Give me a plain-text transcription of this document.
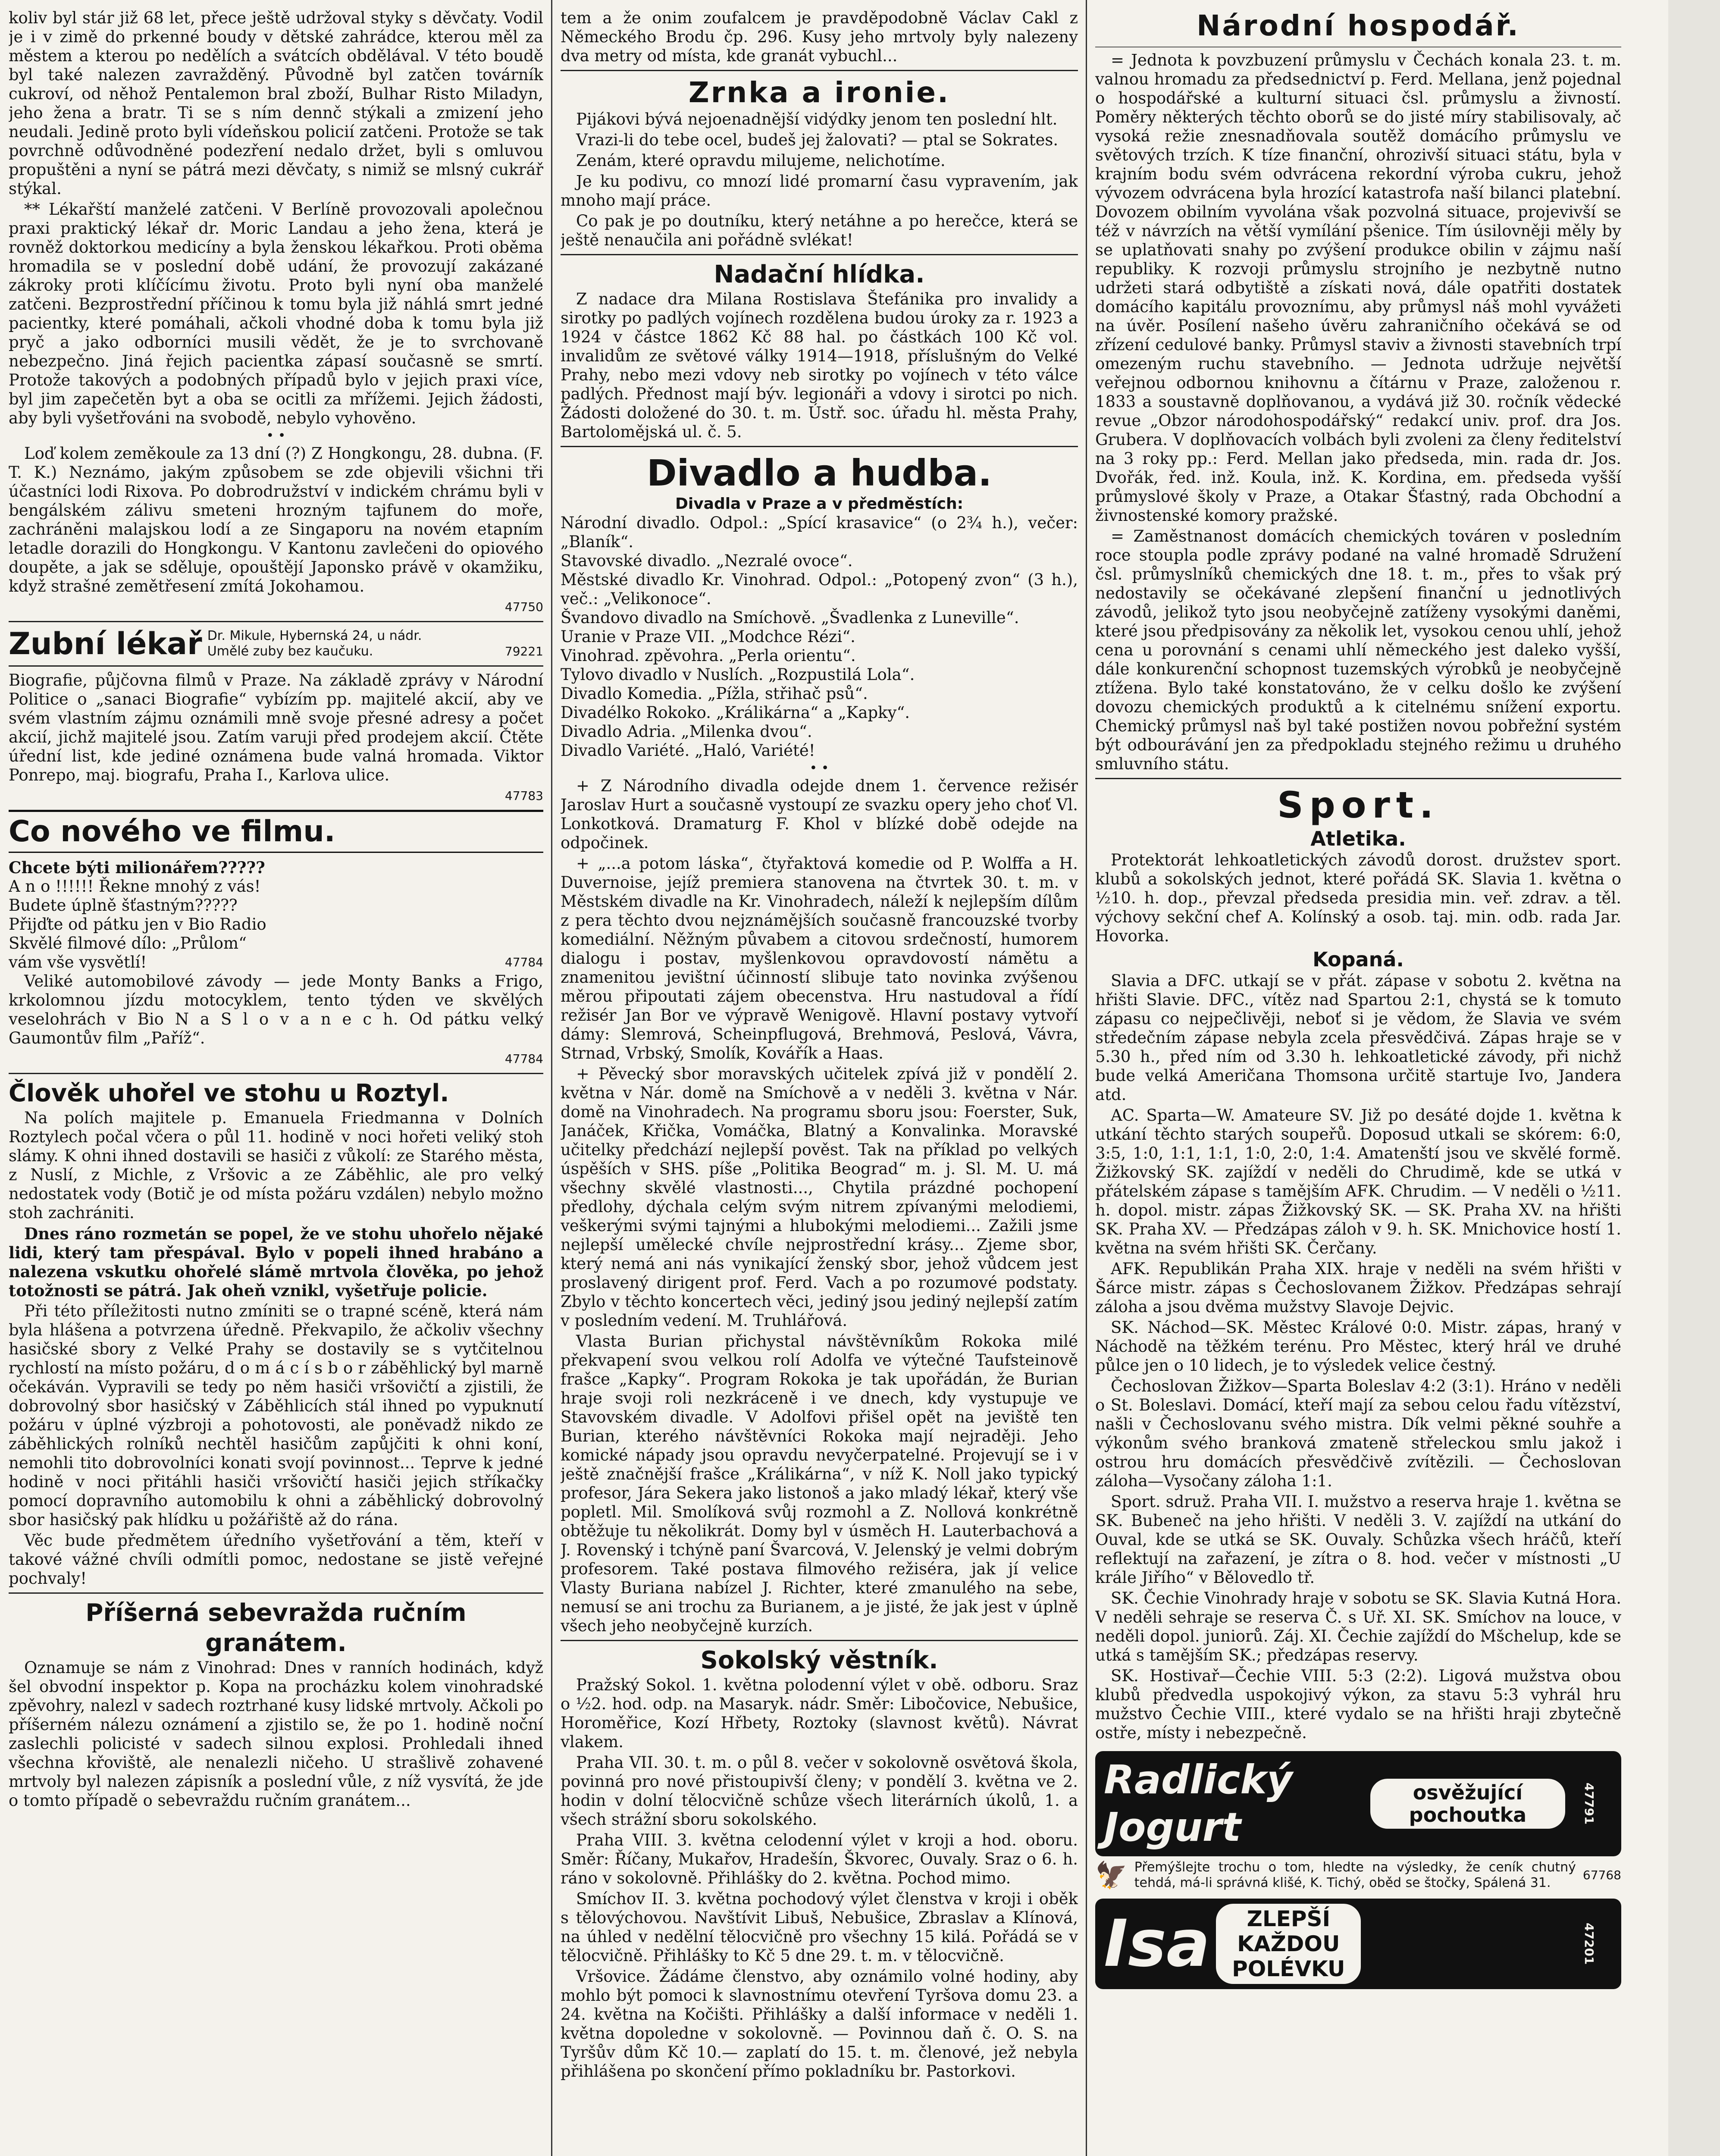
koliv byl stár již 68 let, přece ještě udržoval styky s děvčaty. Vodil je i v zimě do prkenné boudy v dětské zahrádce, kterou měl za městem a kterou po nedělích a svátcích obdělával. V této boudě byl také nalezen zavražděný. Původně byl zatčen továrník cukroví, od něhož Pentalemon bral zboží, Bulhar Risto Miladyn, jeho žena a bratr. Ti se s ním dennč stýkali a zmizení jeho neudali. Jedině proto byli vídeňskou policií zatčeni. Protože se tak povrchně odůvodněné podezření nedalo držet, byli s omluvou propuštěni a nyní se pátrá mezi děvčaty, s nimiž se mlsný cukrář stýkal.

** Lékařští manželé zatčeni. V Berlíně provozovali apolečnou praxi praktický lékař dr. Moric Landau a jeho žena, která je rovněž doktorkou medicíny a byla ženskou lékařkou. Proti oběma hromadila se v poslední době udání, že provozují zakázané zákroky proti klíčícímu životu. Proto byli nyní oba manželé zatčeni. Bezprostřední příčinou k tomu byla již náhlá smrt jedné pacientky, které pomáhali, ačkoli vhodné doba k tomu byla již pryč a jako odborníci musili vědět, že je to svrchovaně nebezpečno. Jiná řejich pacientka zápasí současně se smrtí. Protože takových a podobných případů bylo v jejich praxi více, byl jim zapečetěn byt a oba se ocitli za mřížemi. Jejich žádosti, aby byli vyšetřováni na svobodě, nebylo vyhověno.

• •

Loď kolem zeměkoule za 13 dní (?) Z Hongkongu, 28. dubna. (F. T. K.) Neznámo, jakým způsobem se zde objevili všichni tři účastníci lodi Rixova. Po dobrodružství v indickém chrámu byli v bengálském zálivu smeteni hrozným tajfunem do moře, zachráněni malajskou lodí a ze Singaporu na novém etapním letadle dorazili do Hongkongu. V Kantonu zavlečeni do opiového doupěte, a jak se sděluje, opouštějí Japonsko právě v okamžiku, když strašné zemětřesení zmítá Jokohamou.

47750
Zubní lékař Dr. Mikule, Hybernská 24, u nádr.
Umělé zuby bez kaučuku.	79221

Biografie, půjčovna filmů v Praze. Na základě zprávy v Národní Politice o „sanaci Biografie“ vybízím pp. majitelé akcií, aby ve svém vlastním zájmu oznámili mně svoje přesné adresy a počet akcií, jichž majitelé jsou. Zatím varuji před prodejem akcií. Čtěte úřední list, kde jediné oznámena bude valná hromada. Viktor Ponrepo, maj. biografu, Praha I., Karlova ulice.

47783
Co nového ve filmu.
Chcete býti milionářem?????
A n o !!!!!! Řekne mnohý z vás!
Budete úplně šťastným?????
Přijďte od pátku jen v Bio Radio
Skvělé filmové dílo: „Průlom“
vám vše vysvětlí!	47784

Veliké automobilové závody — jede Monty Banks a Frigo, krkolomnou jízdu motocyklem, tento týden ve skvělých veselohrách v Bio N a S l o v a n e c h. Od pátku velký Gaumontův film „Paříž“.

47784
Člověk uhořel ve stohu u Roztyl.

Na polích majitele p. Emanuela Friedmanna v Dolních Roztylech počal včera o půl 11. hodině v noci hořeti veliký stoh slámy. K ohni ihned dostavili se hasiči z vůkolí: ze Starého města, z Nuslí, z Michle, z Vršovic a ze Záběhlic, ale pro velký nedostatek vody (Botič je od místa požáru vzdálen) nebylo možno stoh zachrániti.

Dnes ráno rozmetán se popel, že ve stohu uhořelo nějaké lidi, který tam přespával. Bylo v popeli ihned hrabáno a nalezena vskutku ohořelé slámě mrtvola člověka, po jehož totožnosti se pátrá. Jak oheň vznikl, vyšetřuje policie.

Při této příležitosti nutno zmíniti se o trapné scéně, která nám byla hlášena a potvrzena úředně. Překvapilo, že ačkoliv všechny hasičské sbory z Velké Prahy se dostavily se s vytčitelnou rychlostí na místo požáru, d o m á c í s b o r záběhlický byl marně očekáván. Vypravili se tedy po něm hasiči vršovičtí a zjistili, že dobrovolný sbor hasičský v Záběhlicích stál ihned po vypuknutí požáru v úplné výzbroji a pohotovosti, ale poněvadž nikdo ze záběhlických rolníků nechtěl hasičům zapůjčiti k ohni koní, nemohli tito dobrovolníci konati svojí povinnost... Teprve k jedné hodině v noci přitáhli hasiči vršovičtí hasiči jejich stříkačky pomocí dopravního automobilu k ohni a záběhlický dobrovolný sbor hasičský pak hlídku u požářiště až do rána.

Věc bude předmětem úředního vyšetřování a těm, kteří v takové vážné chvíli odmítli pomoc, nedostane se jistě veřejné pochvaly!

Příšerná sebevražda ručním
granátem.

Oznamuje se nám z Vinohrad: Dnes v ranních hodinách, když šel obvodní inspektor p. Kopa na procházku kolem vinohradské zpěvohry, nalezl v sadech roztrhané kusy lidské mrtvoly. Ačkoli po příšerném nálezu oznámení a zjistilo se, že po 1. hodině noční zaslechli policisté v sadech silnou explosi. Prohledali ihned všechna křoviště, ale nenalezli ničeho. U strašlivě zohavené mrtvoly byl nalezen zápisník a poslední vůle, z níž vysvítá, že jde o tomto případě o sebevraždu ručním granátem...

tem a že onim zoufalcem je pravděpodobně Václav Cakl z Německého Brodu čp. 296. Kusy jeho mrtvoly byly nalezeny dva metry od místa, kde granát vybuchl...

Zrnka a ironie.

Pijákovi bývá nejoenadnější vidýdky jenom ten poslední hlt.

Vrazi-li do tebe ocel, budeš jej žalovati? — ptal se Sokrates.

Zenám, které opravdu milujeme, nelichotíme.

Je ku podivu, co mnozí lidé promarní času vypravením, jak mnoho mají práce.

Co pak je po doutníku, který netáhne a po herečce, která se ještě nenaučila ani pořádně svlékat!

Nadační hlídka.

Z nadace dra Milana Rostislava Štefánika pro invalidy a sirotky po padlých vojínech rozdělena budou úroky za r. 1923 a 1924 v částce 1862 Kč 88 hal. po částkách 100 Kč vol. invalidům ze světové války 1914—1918, příslušným do Velké Prahy, nebo mezi vdovy neb sirotky po vojínech v této válce padlých. Přednost mají býv. legionáři a vdovy i sirotci po nich. Žádosti doložené do 30. t. m. Ústř. soc. úřadu hl. města Prahy, Bartolomějská ul. č. 5.

Divadlo a hudba.
Divadla v Praze a v předměstích:
Národní divadlo. Odpol.: „Spící krasavice“ (o 2¾ h.), večer: „Blaník“.
Stavovské divadlo. „Nezralé ovoce“.
Městské divadlo Kr. Vinohrad. Odpol.: „Potopený zvon“ (3 h.), več.: „Velikonoce“.
Švandovo divadlo na Smíchově. „Švadlenka z Luneville“.
Uranie v Praze VII. „Modchce Rézi“.
Vinohrad. zpěvohra. „Perla orientu“.
Tylovo divadlo v Nuslích. „Rozpustilá Lola“.
Divadlo Komedia. „Pížla, střihač psů“.
Divadélko Rokoko. „Králikárna“ a „Kapky“.
Divadlo Adria. „Milenka dvou“.
Divadlo Variété. „Haló, Variété!
• •

+ Z Národního divadla odejde dnem 1. července režisér Jaroslav Hurt a současně vystoupí ze svazku opery jeho choť Vl. Lonkotková. Dramaturg F. Khol v blízké době odejde na odpočinek.

+ „...a potom láska“, čtyřaktová komedie od P. Wolffa a H. Duvernoise, jejíž premiera stanovena na čtvrtek 30. t. m. v Městském divadle na Kr. Vinohradech, náleží k nejlepším dílům z pera těchto dvou nejznámějších současně francouzské tvorby komediální. Něžným půvabem a citovou srdečností, humorem dialogu i postav, myšlenkovou opravdovostí námětu a znamenitou jevištní účinností slibuje tato novinka zvýšenou měrou připoutati zájem obecenstva. Hru nastudoval a řídí režisér Jan Bor ve výpravě Wenigově. Hlavní postavy vytvoří dámy: Slemrová, Scheinpflugová, Brehmová, Peslová, Vávra, Strnad, Vrbský, Smolík, Kovářík a Haas.

+ Pěvecký sbor moravských učitelek zpívá již v pondělí 2. května v Nár. domě na Smíchově a v neděli 3. května v Nár. domě na Vinohradech. Na programu sboru jsou: Foerster, Suk, Janáček, Křička, Vomáčka, Blatný a Konvalinka. Moravské učitelky předchází nejlepší pověst. Tak na příklad po velkých úspěších v SHS. píše „Politika Beograd“ m. j. Sl. M. U. má všechny skvělé vlastnosti..., Chytila prázdné pochopení předlohy, dýchala celým svým nitrem zpívanými melodiemi, veškerými svými tajnými a hlubokými melodiemi... Zažili jsme nejlepší umělecké chvíle nejprostřední krásy... Zjeme sbor, který nemá ani nás vynikající ženský sbor, jehož vůdcem jest proslavený dirigent prof. Ferd. Vach a po rozumové podstaty. Zbylo v těchto koncertech věci, jediný jsou jediný nejlepší zatím v posledním vedení. M. Truhlářová.

Vlasta Burian přichystal návštěvníkům Rokoka milé překvapení svou velkou rolí Adolfa ve výtečné Taufsteinově frašce „Kapky“. Program Rokoka je tak upořádán, že Burian hraje svoji roli nezkráceně i ve dnech, kdy vystupuje ve Stavovském divadle. V Adolfovi přišel opět na jeviště ten Burian, kterého návštěvníci Rokoka mají nejraději. Jeho komické nápady jsou opravdu nevyčerpatelné. Projevují se i v ještě značnější frašce „Králikárna“, v níž K. Noll jako typický profesor, Jára Sekera jako listonoš a jako mladý lékař, který vše popletl. Mil. Smolíková svůj rozmohl a Z. Nollová konkrétně obtěžuje tu několikrát. Domy byl v úsměch H. Lauterbachová a J. Rovenský i tchýně paní Švarcová, V. Jelenský je velmi dobrým profesorem. Také postava filmového režiséra, jak jí velice Vlasty Buriana nabízel J. Richter, které zmanulého na sebe, nemusí se ani trochu za Burianem, a je jisté, že jak jest v úplně všech jeho neobyčejně kurzích.

Sokolský věstník.

Pražský Sokol. 1. května polodenní výlet v obě. odboru. Sraz o ½2. hod. odp. na Masaryk. nádr. Směr: Libočovice, Nebušice, Horoměřice, Kozí Hřbety, Roztoky (slavnost květů). Návrat vlakem.

Praha VII. 30. t. m. o půl 8. večer v sokolovně osvětová škola, povinná pro nové přistoupivší členy; v pondělí 3. května ve 2. hodin v dolní tělocvičně schůze všech literárních úkolů, 1. a všech strážní sboru sokolského.

Praha VIII. 3. května celodenní výlet v kroji a hod. oboru. Směr: Říčany, Mukařov, Hradešín, Škvorec, Ouvaly. Sraz o 6. h. ráno v sokolovně. Přihlášky do 2. května. Pochod mimo.

Smíchov II. 3. května pochodový výlet členstva v kroji i oběk s tělovýchovou. Navštívit Libuš, Nebušice, Zbraslav a Klínová, na úhled v nedělní tělocvičně pro všechny 15 kilá. Pořádá se v tělocvičně. Přihlášky to Kč 5 dne 29. t. m. v tělocvičně.

Vršovice. Žádáme členstvo, aby oznámilo volné hodiny, aby mohlo být pomoci k slavnostnímu otevření Tyršova domu 23. a 24. května na Kočišti. Přihlášky a další informace v neděli 1. května dopoledne v sokolovně. — Povinnou daň č. O. S. na Tyršův dům Kč 10.— zaplatí do 15. t. m. členové, jež nebyla přihlášena po skončení přímo pokladníku br. Pastorkovi.

Národní hospodář.

= Jednota k povzbuzení průmyslu v Čechách konala 23. t. m. valnou hromadu za předsednictví p. Ferd. Mellana, jenž pojednal o hospodářské a kulturní situaci čsl. průmyslu a živností. Poměry některých těchto oborů se do jisté míry stabilisovaly, ač vysoká režie znesnadňovala soutěž domácího průmyslu ve světových trzích. K tíze finanční, ohrozivší situaci státu, byla v krajním bodu svém odvrácena rekordní výroba cukru, jehož vývozem odvrácena byla hrozící katastrofa naší bilanci platební. Dovozem obilním vyvolána však pozvolná situace, projevivší se též v návrzích na větší vymílání pšenice. Tím úsilovněji měly by se uplatňovati snahy po zvýšení produkce obilin v zájmu naší republiky. K rozvoji průmyslu strojního je nezbytně nutno udržeti stará odbytiště a získati nová, dále opatřiti dostatek domácího kapitálu provoznímu, aby průmysl náš mohl vyvážeti na úvěr. Posílení našeho úvěru zahraničního očekává se od zřízení cedulové banky. Průmysl staviv a živnosti stavebních trpí omezeným ruchu stavebního. — Jednota udržuje největší veřejnou odbornou knihovnu a čítárnu v Praze, založenou r. 1833 a soustavně doplňovanou, a vydává již 30. ročník vědecké revue „Obzor národohospodářský“ redakcí univ. prof. dra Jos. Grubera. V doplňovacích volbách byli zvoleni za členy ředitelství na 3 roky pp.: Ferd. Mellan jako předseda, min. rada dr. Jos. Dvořák, řed. inž. Koula, inž. K. Kordina, em. předseda vyšší průmyslové školy v Praze, a Otakar Šťastný, rada Obchodní a živnostenské komory pražské.

= Zaměstnanost domácích chemických továren v posledním roce stoupla podle zprávy podané na valné hromadě Sdružení čsl. průmyslníků chemických dne 18. t. m., přes to však prý nedostavily se očekávané zlepšení finanční u jednotlivých závodů, jelikož tyto jsou neobyčejně zatíženy vysokými daněmi, které jsou předpisovány za několik let, vysokou cenou uhlí, jehož cena u porovnání s cenami uhlí německého jest daleko vyšší, dále konkurenční schopnost tuzemských výrobků je neobyčejně ztížena. Bylo také konstatováno, že v celku došlo ke zvýšení dovozu chemických produktů a k citelnému snížení exportu. Chemický průmysl naš byl také postižen novou pobřežní systém být odbourávání jen za předpokladu stejného režimu u druhého smluvního státu.

Sport.
Atletika.

Protektorát lehkoatletických závodů dorost. družstev sport. klubů a sokolských jednot, které pořádá SK. Slavia 1. května o ½10. h. dop., převzal předseda presidia min. veř. zdrav. a těl. výchovy sekční chef A. Kolínský a osob. taj. min. odb. rada Jar. Hovorka.

Kopaná.

Slavia a DFC. utkají se v přát. zápase v sobotu 2. května na hřišti Slavie. DFC., vítěz nad Spartou 2:1, chystá se k tomuto zápasu co nejpečlivěji, neboť si je vědom, že Slavia ve svém středečním zápase nebyla zcela přesvědčivá. Zápas hraje se v 5.30 h., před ním od 3.30 h. lehkoatletické závody, při nichž bude velká Američana Thomsona určitě startuje Ivo, Jandera atd.

AC. Sparta—W. Amateure SV. Již po desáté dojde 1. května k utkání těchto starých soupeřů. Doposud utkali se skórem: 6:0, 3:5, 1:0, 1:1, 1:1, 1:0, 2:0, 1:4. Amatenští jsou ve skvělé formě. Žižkovský SK. zajíždí v neděli do Chrudimě, kde se utká v přátelském zápase s tamějším AFK. Chrudim. — V neděli o ½11. h. dopol. mistr. zápas Žižkovský SK. — SK. Praha XV. na hřišti SK. Praha XV. — Předzápas záloh v 9. h. SK. Mnichovice hostí 1. května na svém hřišti SK. Čerčany.

AFK. Republikán Praha XIX. hraje v neděli na svém hřišti v Šárce mistr. zápas s Čechoslovanem Žižkov. Předzápas sehrají záloha a jsou dvěma mužstvy Slavoje Dejvic.

SK. Náchod—SK. Městec Králové 0:0. Mistr. zápas, hraný v Náchodě na těžkém terénu. Pro Městec, který hrál ve druhé půlce jen o 10 lidech, je to výsledek velice čestný.

Čechoslovan Žižkov—Sparta Boleslav 4:2 (3:1). Hráno v neděli o St. Boleslavi. Domácí, kteří mají za sebou celou řadu vítězství, našli v Čechoslovanu svého mistra. Dík velmi pěkné souhře a výkonům svého branková zmateně střeleckou smlu jakož i ostrou hru domácích přesvědčivě zvítězili. — Čechoslovan záloha—Vysočany záloha 1:1.

Sport. sdruž. Praha VII. I. mužstvo a reserva hraje 1. května se SK. Bubeneč na jeho hřišti. V neděli 3. V. zajíždí na utkání do Ouval, kde se utká se SK. Ouvaly. Schůzka všech hráčů, kteří reflektují na zařazení, je zítra o 8. hod. večer v místnosti „U krále Jiřího“ v Bělovedlo tř.

SK. Čechie Vinohrady hraje v sobotu se SK. Slavia Kutná Hora. V neděli sehraje se reserva Č. s Uř. XI. SK. Smíchov na louce, v neděli dopol. juniorů. Záj. XI. Čechie zajíždí do Mšchelup, kde se utká s tamějším SK.; předzápas reservy.

SK. Hostivař—Čechie VIII. 5:3 (2:2). Ligová mužstva obou klubů předvedla uspokojivý výkon, za stavu 5:3 vyhrál hru mužstvo Čechie VIII., které vydalo se na hřišti hraji zbytečně ostře, místy i nebezpečně.

Radlický Jogurt
osvěžující pochoutka	47791
🦅 Přemýšlejte trochu o tom, hledte na výsledky, že ceník chutný tehdá, má-li správná klišé, K. Tichý, oběd se štočky, Spálená 31.
67768
Isa	ZLEPŠÍ KAŽDOU POLÉVKU
47201
